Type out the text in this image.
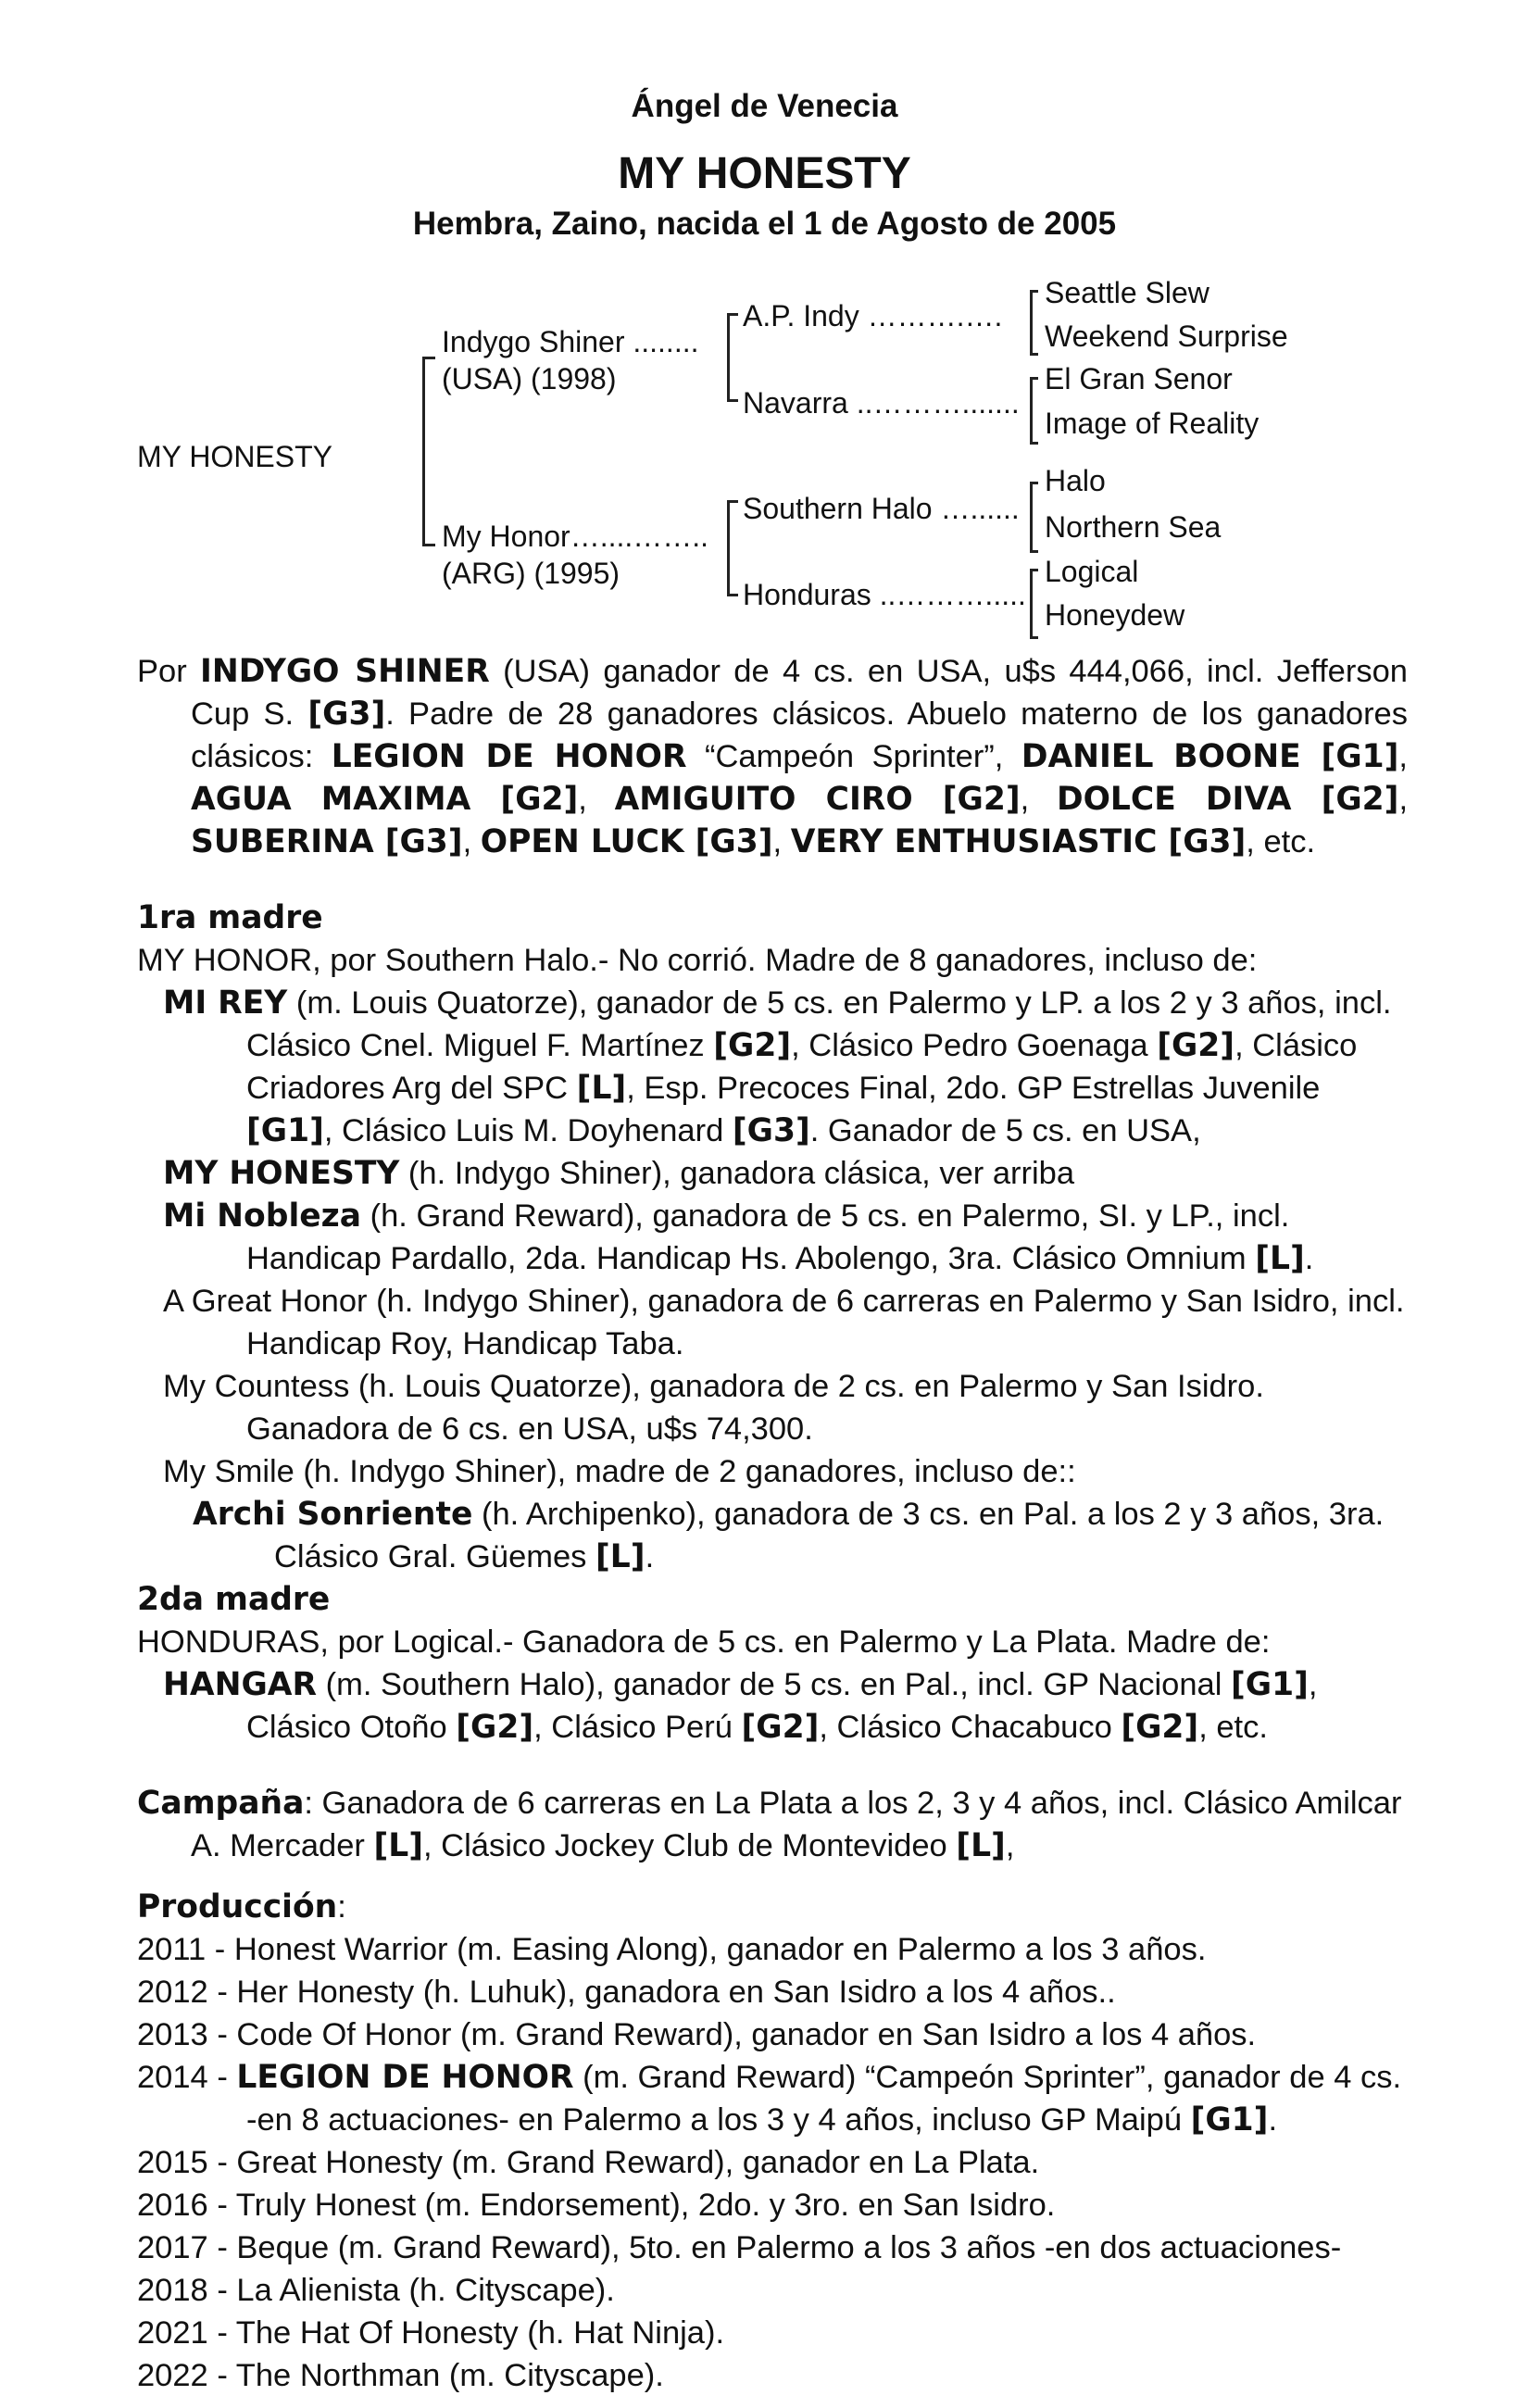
Ángel de Venecia
MY HONESTY
Hembra, Zaino, nacida el 1 de Agosto de 2005
MY HONESTY
Indygo Shiner ........
(USA) (1998)
My Honor…....……..
(ARG) (1995)
A.P. Indy ……….….
Navarra ..……….......
Southern Halo …......
Honduras ..……….....
Seattle Slew
Weekend Surprise
El Gran Senor
Image of Reality
Halo
Northern Sea
Logical
Honeydew

Por INDYGO SHINER (USA) ganador de 4 cs. en USA, u$s 444,066, incl. Jefferson Cup S. [G3]. Padre de 28 ganadores clásicos. Abuelo materno de los ganadores clásicos: LEGION DE HONOR “Campeón Sprinter”, DANIEL BOONE [G1], AGUA MAXIMA [G2], AMIGUITO CIRO [G2], DOLCE DIVA [G2], SUBERINA [G3], OPEN LUCK [G3], VERY ENTHUSIASTIC [G3], etc.

1ra madre

MY HONOR, por Southern Halo.- No corrió. Madre de 8 ganadores, incluso de:

MI REY (m. Louis Quatorze), ganador de 5 cs. en Palermo y LP. a los 2 y 3 años, incl. Clásico Cnel. Miguel F. Martínez [G2], Clásico Pedro Goenaga [G2], Clásico Criadores Arg del SPC [L], Esp. Precoces Final, 2do. GP Estrellas Juvenile [G1], Clásico Luis M. Doyhenard [G3]. Ganador de 5 cs. en USA,

MY HONESTY (h. Indygo Shiner), ganadora clásica, ver arriba

Mi Nobleza (h. Grand Reward), ganadora de 5 cs. en Palermo, SI. y LP., incl. Handicap Pardallo, 2da. Handicap Hs. Abolengo, 3ra. Clásico Omnium [L].

A Great Honor (h. Indygo Shiner), ganadora de 6 carreras en Palermo y San Isidro, incl. Handicap Roy, Handicap Taba.

My Countess (h. Louis Quatorze), ganadora de 2 cs. en Palermo y San Isidro. Ganadora de 6 cs. en USA, u$s 74,300.

My Smile (h. Indygo Shiner), madre de 2 ganadores, incluso de::

Archi Sonriente (h. Archipenko), ganadora de 3 cs. en Pal. a los 2 y 3 años, 3ra. Clásico Gral. Güemes [L].

2da madre

HONDURAS, por Logical.- Ganadora de 5 cs. en Palermo y La Plata. Madre de:

HANGAR (m. Southern Halo), ganador de 5 cs. en Pal., incl. GP Nacional [G1], Clásico Otoño [G2], Clásico Perú [G2], Clásico Chacabuco [G2], etc.

Campaña: Ganadora de 6 carreras en La Plata a los 2, 3 y 4 años, incl. Clásico Amilcar A. Mercader [L], Clásico Jockey Club de Montevideo [L],

Producción:

2011 - Honest Warrior (m. Easing Along), ganador en Palermo a los 3 años.

2012 - Her Honesty (h. Luhuk), ganadora en San Isidro a los 4 años..

2013 - Code Of Honor (m. Grand Reward), ganador en San Isidro a los 4 años.

2014 - LEGION DE HONOR (m. Grand Reward) “Campeón Sprinter”, ganador de 4 cs. -en 8 actuaciones- en Palermo a los 3 y 4 años, incluso GP Maipú [G1].

2015 - Great Honesty (m. Grand Reward), ganador en La Plata.

2016 - Truly Honest (m. Endorsement), 2do. y 3ro. en San Isidro.

2017 - Beque (m. Grand Reward), 5to. en Palermo a los 3 años -en dos actuaciones-

2018 - La Alienista (h. Cityscape).

2021 - The Hat Of Honesty (h. Hat Ninja).

2022 - The Northman (m. Cityscape).
